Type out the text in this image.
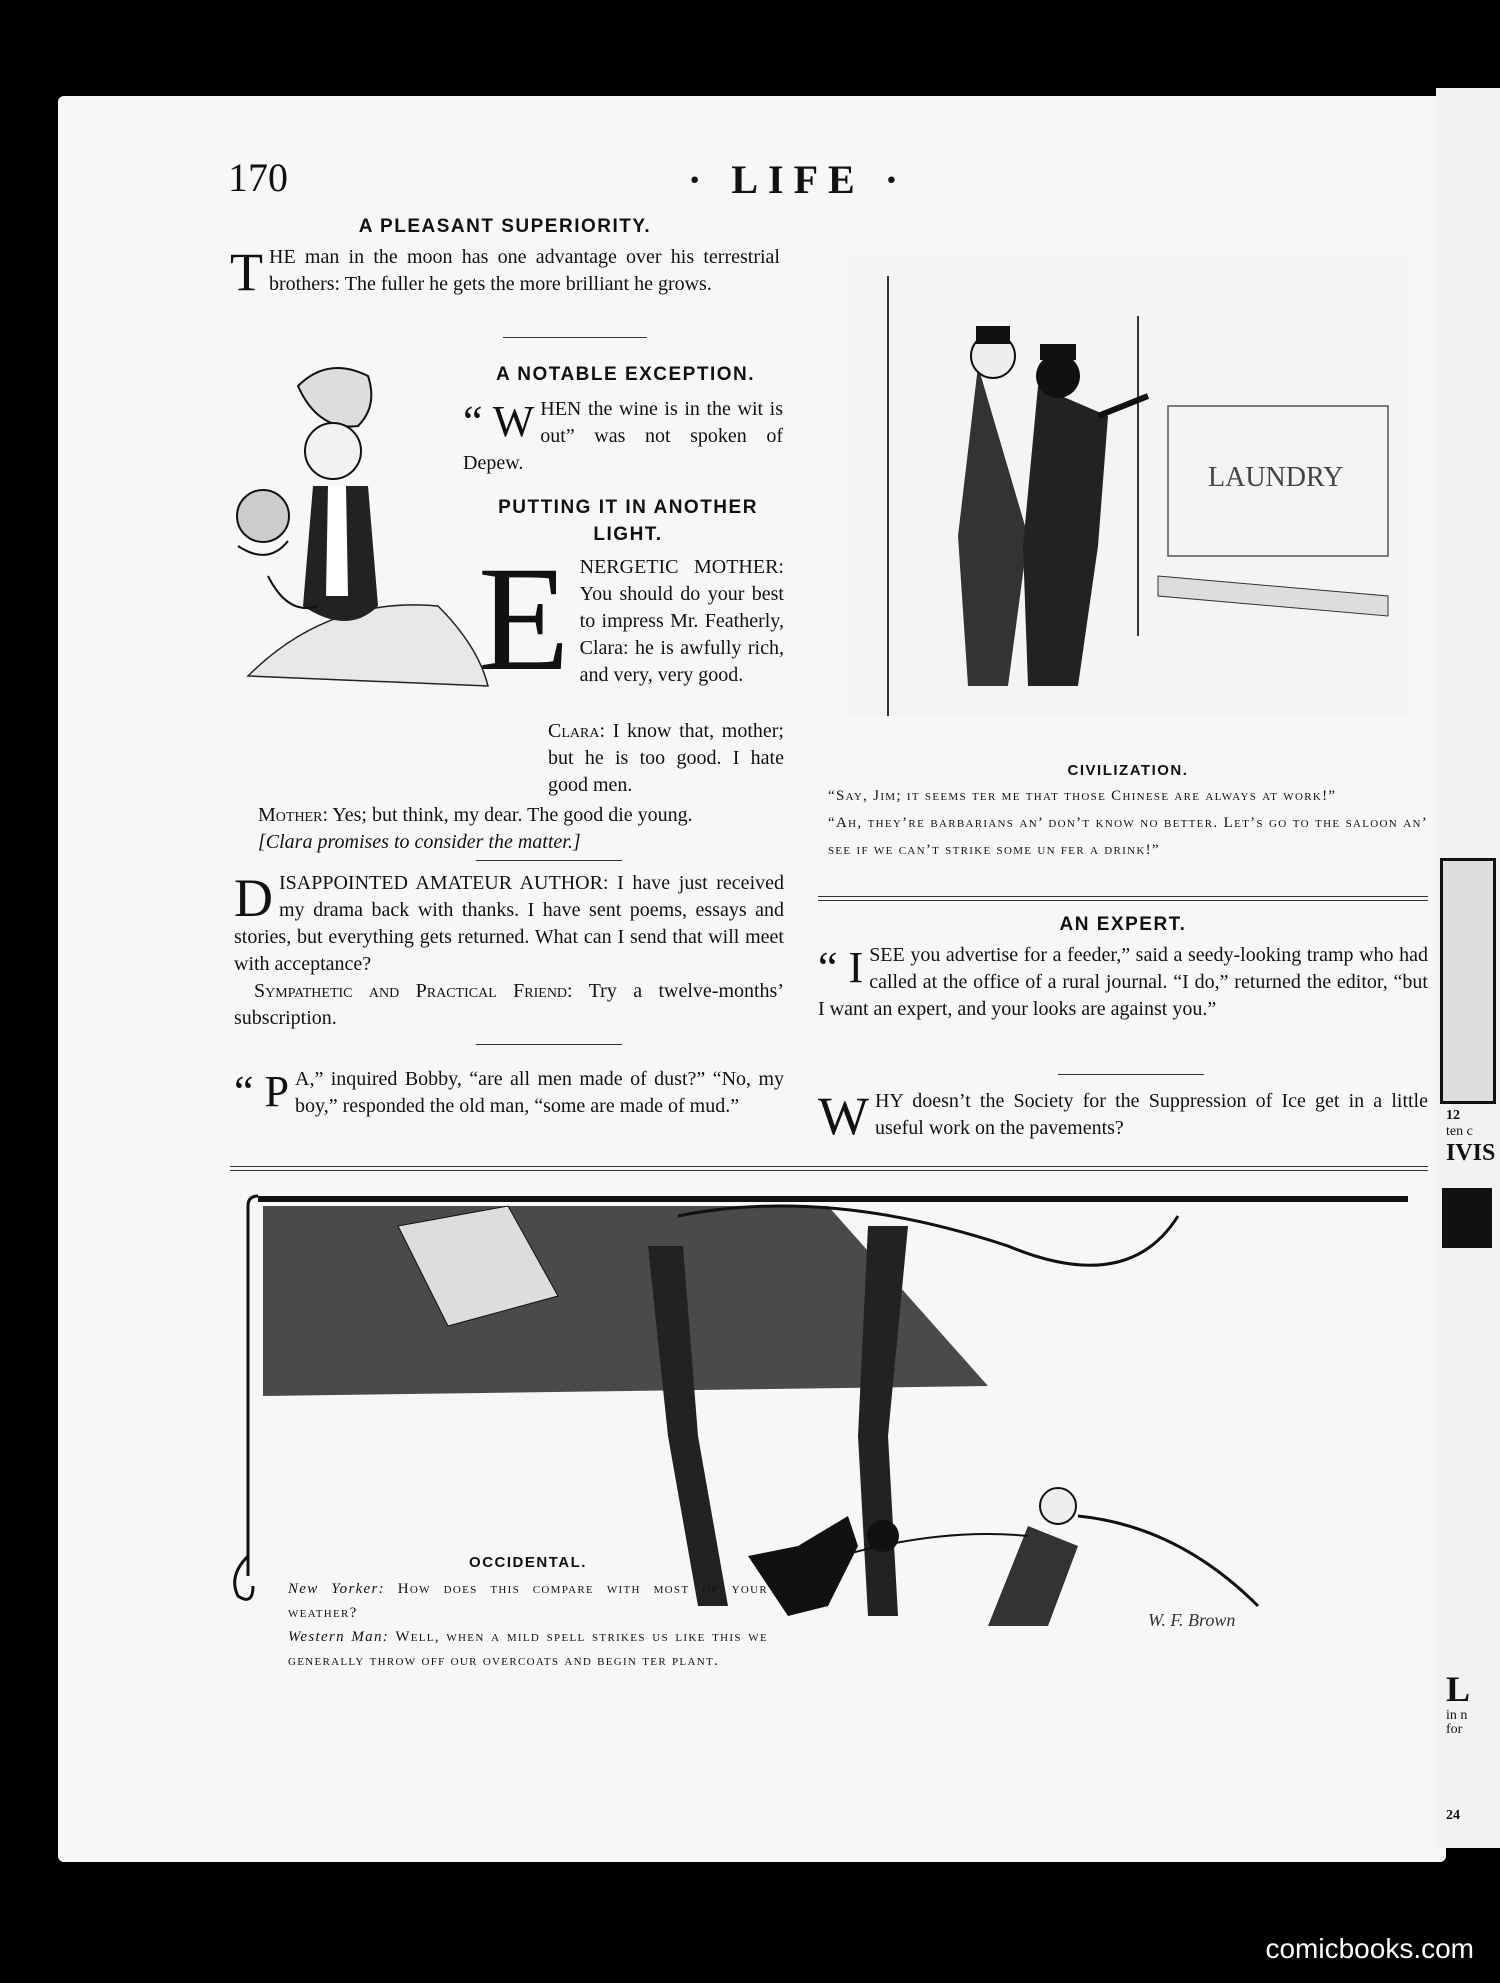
170	· LIFE ·
A PLEASANT SUPERIORITY.

T HE man in the moon has one advantage over his terrestrial brothers: The fuller he gets the more brilliant he grows.

A NOTABLE EXCEPTION.

“ W HEN the wine is in the wit is out” was not spoken of Depew.

PUTTING IT IN ANOTHER LIGHT.

E NERGETIC MOTHER: You should do your best to impress Mr. Featherly, Clara: he is awfully rich, and very, very good.

Clara: I know that, mother; but he is too good. I hate good men.

Mother: Yes; but think, my dear. The good die young.

[Clara promises to consider the matter.]

D ISAPPOINTED AMATEUR AUTHOR: I have just received my drama back with thanks. I have sent poems, essays and stories, but everything gets returned. What can I send that will meet with acceptance?

Sympathetic and Practical Friend: Try a twelve-months’ subscription.

“ P A,” inquired Bobby, “are all men made of dust?” “No, my boy,” responded the old man, “some are made of mud.”

LAUNDRY
CIVILIZATION.

“Say, Jim; it seems ter me that those Chinese are always at work!”

“Ah, they’re barbarians an’ don’t know no better. Let’s go to the saloon an’ see if we can’t strike some un fer a drink!”

AN EXPERT.

“ I SEE you advertise for a feeder,” said a seedy-looking tramp who had called at the office of a rural journal. “I do,” returned the editor, “but I want an expert, and your looks are against you.”

W HY doesn’t the Society for the Suppression of Ice get in a little useful work on the pavements?

W. F. Brown
OCCIDENTAL.

New Yorker: How does this compare with most of your weather?

Western Man: Well, when a mild spell strikes us like this we generally throw off our overcoats and begin ter plant.

12
ten c
IVIS
L
in n
for
24
comicbooks.com
